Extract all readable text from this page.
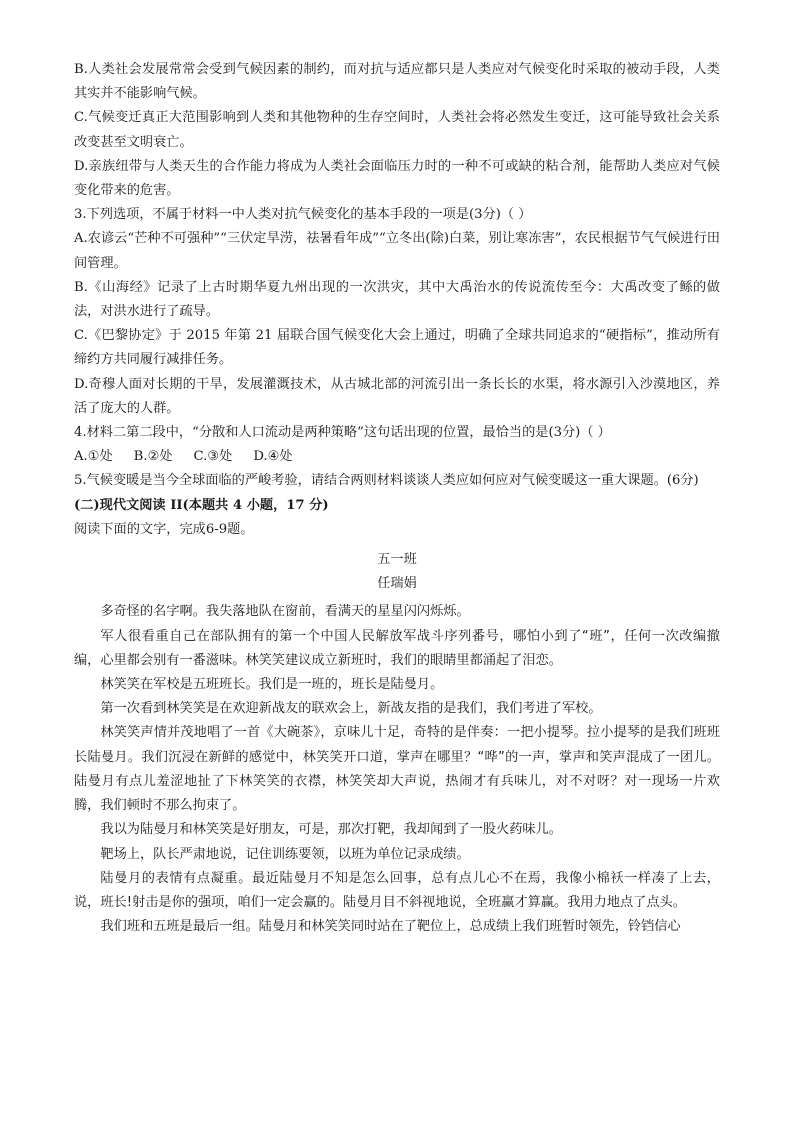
B.人类社会发展常常会受到气候因素的制约，而对抗与适应都只是人类应对气候变化时采取的被动手段，人类其实并不能影响气候。

C.气候变迁真正大范围影响到人类和其他物种的生存空间时，人类社会将必然发生变迁，这可能导致社会关系改变甚至文明衰亡。

D.亲族纽带与人类天生的合作能力将成为人类社会面临压力时的一种不可或缺的粘合剂，能帮助人类应对气候变化带来的危害。

3.下列选项，不属于材料一中人类对抗气候变化的基本手段的一项是(3分)（ ）

A.农谚云“芒种不可强种”“三伏定旱涝，祛暑看年成”“立冬出(除)白菜，别让寒冻害”，农民根据节气气候进行田间管理。

B.《山海经》记录了上古时期华夏九州出现的一次洪灾，其中大禹治水的传说流传至今：大禹改变了鲧的做法，对洪水进行了疏导。

C.《巴黎协定》于 2015 年第 21 届联合国气候变化大会上通过，明确了全球共同追求的“硬指标”，推动所有缔约方共同履行减排任务。

D.奇穆人面对长期的干旱，发展灌溉技术，从古城北部的河流引出一条长长的水渠，将水源引入沙漠地区，养活了庞大的人群。

4.材料二第二段中，“分散和人口流动是两种策略”这句话出现的位置，最恰当的是(3分)（ ）

A.①处     B.②处     C.③处     D.④处

5.气候变暖是当今全球面临的严峻考验，请结合两则材料谈谈人类应如何应对气候变暖这一重大课题。(6分)

(二)现代文阅读 II(本题共 4 小题，17 分)

阅读下面的文字，完成6-9题。

五一班

任瑞娟

多奇怪的名字啊。我失落地队在窗前，看满天的星星闪闪烁烁。

军人很看重自己在部队拥有的第一个中国人民解放军战斗序列番号，哪怕小到了“班”，任何一次改编撤编，心里都会别有一番滋味。林笑笑建议成立新班时，我们的眼睛里都涌起了泪恋。

林笑笑在军校是五班班长。我们是一班的，班长是陆曼月。

第一次看到林笑笑是在欢迎新战友的联欢会上，新战友指的是我们，我们考进了军校。

林笑笑声情并茂地唱了一首《大碗茶》，京味儿十足，奇特的是伴奏：一把小提琴。拉小提琴的是我们班班长陆曼月。我们沉浸在新鲜的感觉中，林笑笑开口道，掌声在哪里？“哗”的一声，掌声和笑声混成了一团儿。陆曼月有点儿羞涩地扯了下林笑笑的衣襟，林笑笑却大声说，热闹才有兵味儿，对不对呀？对一现场一片欢腾，我们顿时不那么拘束了。

我以为陆曼月和林笑笑是好朋友，可是，那次打靶，我却闻到了一股火药味儿。

靶场上，队长严肃地说，记住训练要领，以班为单位记录成绩。

陆曼月的表情有点凝重。最近陆曼月不知是怎么回事，总有点儿心不在焉，我像小棉袄一样凑了上去，说，班长!射击是你的强项，咱们一定会赢的。陆曼月目不斜视地说，全班赢才算赢。我用力地点了点头。

我们班和五班是最后一组。陆曼月和林笑笑同时站在了靶位上，总成绩上我们班暂时领先，铃铛信心
